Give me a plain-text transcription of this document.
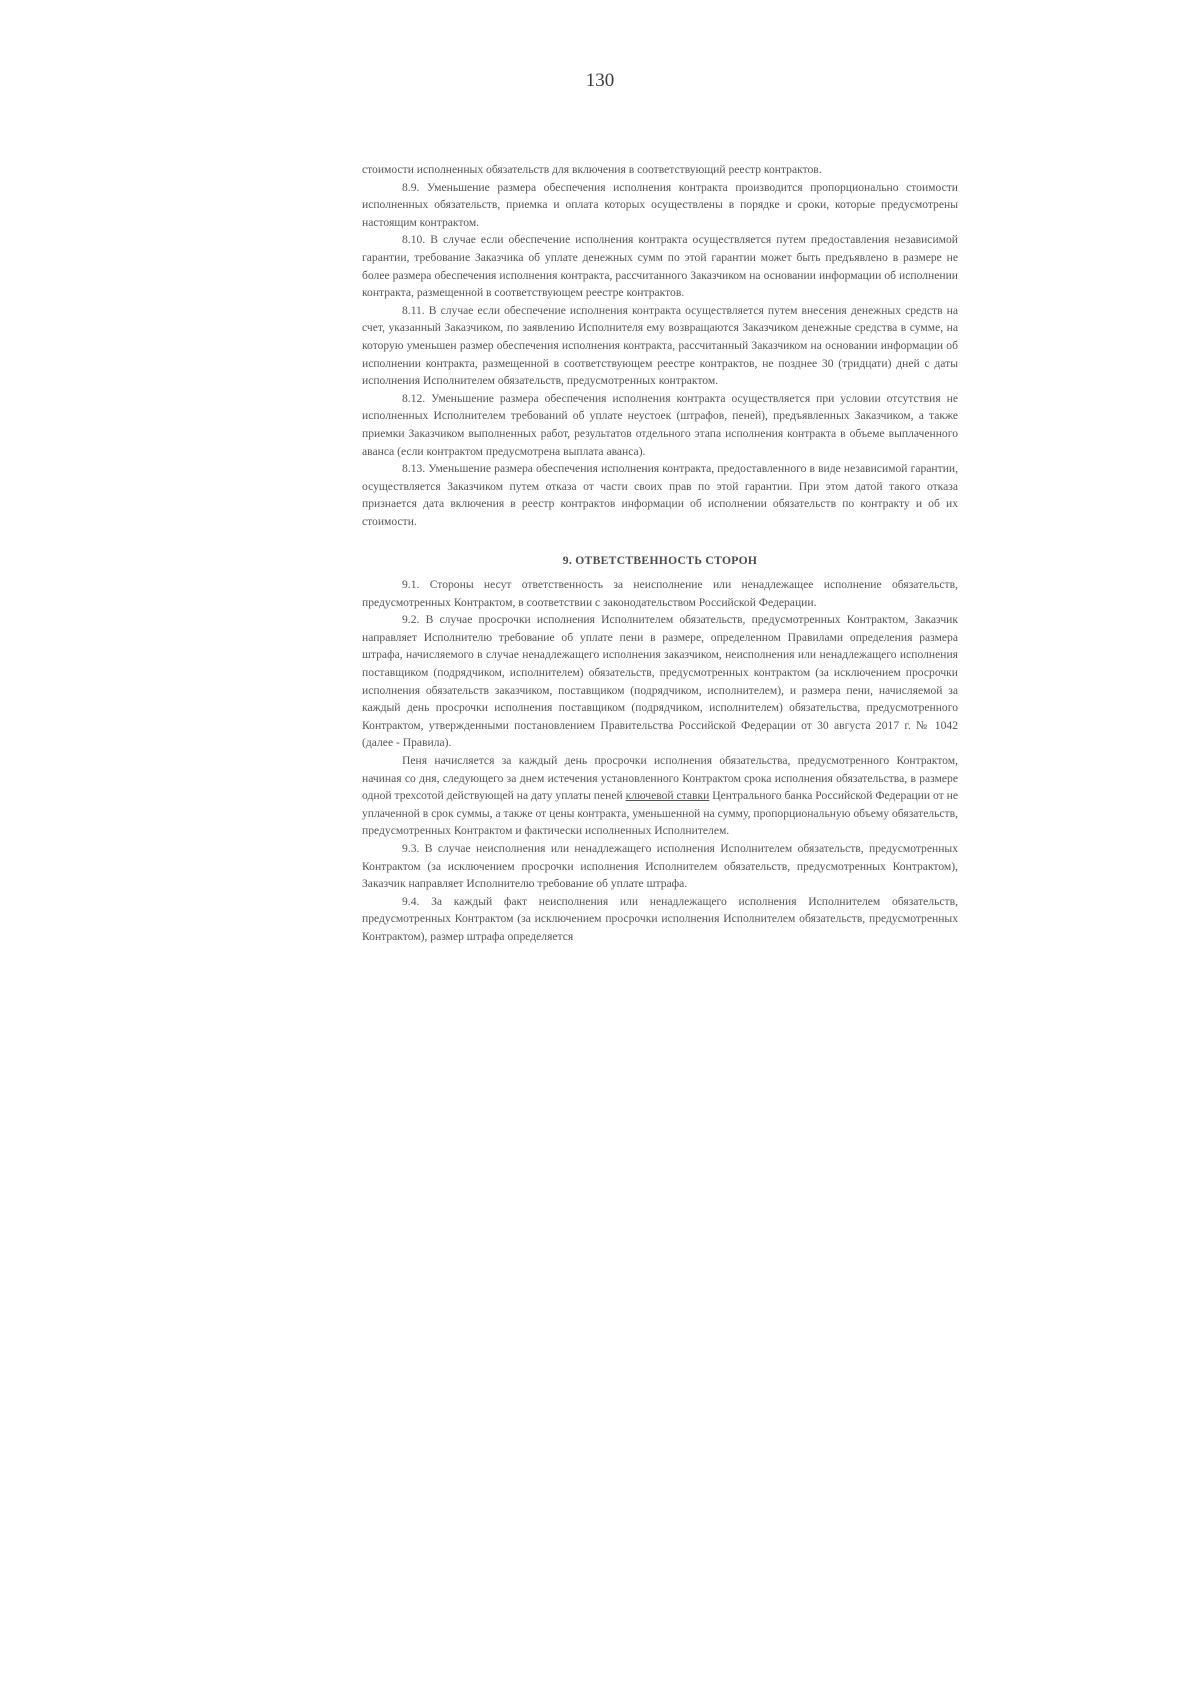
130

стоимости исполненных обязательств для включения в соответствующий реестр контрактов.

8.9. Уменьшение размера обеспечения исполнения контракта производится пропорционально стоимости исполненных обязательств, приемка и оплата которых осуществлены в порядке и сроки, которые предусмотрены настоящим контрактом.

8.10. В случае если обеспечение исполнения контракта осуществляется путем предоставления независимой гарантии, требование Заказчика об уплате денежных сумм по этой гарантии может быть предъявлено в размере не более размера обеспечения исполнения контракта, рассчитанного Заказчиком на основании информации об исполнении контракта, размещенной в соответствующем реестре контрактов.

8.11. В случае если обеспечение исполнения контракта осуществляется путем внесения денежных средств на счет, указанный Заказчиком, по заявлению Исполнителя ему возвращаются Заказчиком денежные средства в сумме, на которую уменьшен размер обеспечения исполнения контракта, рассчитанный Заказчиком на основании информации об исполнении контракта, размещенной в соответствующем реестре контрактов, не позднее 30 (тридцати) дней с даты исполнения Исполнителем обязательств, предусмотренных контрактом.

8.12. Уменьшение размера обеспечения исполнения контракта осуществляется при условии отсутствия не исполненных Исполнителем требований об уплате неустоек (штрафов, пеней), предъявленных Заказчиком, а также приемки Заказчиком выполненных работ, результатов отдельного этапа исполнения контракта в объеме выплаченного аванса (если контрактом предусмотрена выплата аванса).

8.13. Уменьшение размера обеспечения исполнения контракта, предоставленного в виде независимой гарантии, осуществляется Заказчиком путем отказа от части своих прав по этой гарантии. При этом датой такого отказа признается дата включения в реестр контрактов информации об исполнении обязательств по контракту и об их стоимости.

9. ОТВЕТСТВЕННОСТЬ СТОРОН

9.1. Стороны несут ответственность за неисполнение или ненадлежащее исполнение обязательств, предусмотренных Контрактом, в соответствии с законодательством Российской Федерации.

9.2. В случае просрочки исполнения Исполнителем обязательств, предусмотренных Контрактом, Заказчик направляет Исполнителю требование об уплате пени в размере, определенном Правилами определения размера штрафа, начисляемого в случае ненадлежащего исполнения заказчиком, неисполнения или ненадлежащего исполнения поставщиком (подрядчиком, исполнителем) обязательств, предусмотренных контрактом (за исключением просрочки исполнения обязательств заказчиком, поставщиком (подрядчиком, исполнителем), и размера пени, начисляемой за каждый день просрочки исполнения поставщиком (подрядчиком, исполнителем) обязательства, предусмотренного Контрактом, утвержденными постановлением Правительства Российской Федерации от 30 августа 2017 г. № 1042 (далее - Правила).

Пеня начисляется за каждый день просрочки исполнения обязательства, предусмотренного Контрактом, начиная со дня, следующего за днем истечения установленного Контрактом срока исполнения обязательства, в размере одной трехсотой действующей на дату уплаты пеней ключевой ставки Центрального банка Российской Федерации от не уплаченной в срок суммы, а также от цены контракта, уменьшенной на сумму, пропорциональную объему обязательств, предусмотренных Контрактом и фактически исполненных Исполнителем.

9.3. В случае неисполнения или ненадлежащего исполнения Исполнителем обязательств, предусмотренных Контрактом (за исключением просрочки исполнения Исполнителем обязательств, предусмотренных Контрактом), Заказчик направляет Исполнителю требование об уплате штрафа.

9.4. За каждый факт неисполнения или ненадлежащего исполнения Исполнителем обязательств, предусмотренных Контрактом (за исключением просрочки исполнения Исполнителем обязательств, предусмотренных Контрактом), размер штрафа определяется
